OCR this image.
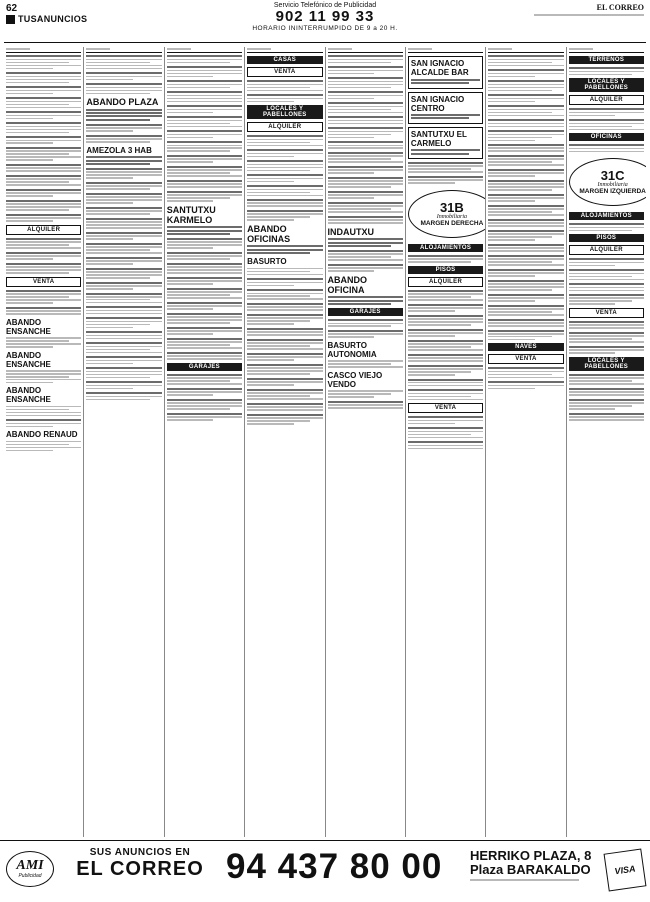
62
TUSANUNCIOS
Servicio Telefónico de Publicidad
902 11 99 33
HORARIO ININTERRUMPIDO DE 9 a 20 H.
EL CORREO
ALQUILER
VENTA
ABANDO ENSANCHE
ABANDO ENSANCHE
ABANDO ENSANCHE
ABANDO RENAUD
ABANDO PLAZA
AMEZOLA 3 HAB
SANTUTXU KARMELO
GARAJES
CASAS
VENTA
LOCALES Y PABELLONES
ALQUILER
ABANDO OFICINAS
BASURTO
INDAUTXU
ABANDO OFICINA
GARAJES
BASURTO AUTONOMIA
CASCO VIEJO VENDO
SAN IGNACIO ALCALDE BAR
SAN IGNACIO CENTRO
SANTUTXU EL CARMELO
31B
Inmobiliaria
MARGEN DERECHA
ALOJAMIENTOS
PISOS
ALQUILER
VENTA
NAVES
VENTA
TERRENOS
LOCALES Y PABELLONES
ALQUILER
OFICINAS
31C
Inmobiliaria
MARGEN IZQUIERDA
ALOJAMIENTOS
PISOS
ALQUILER
VENTA
LOCALES Y PABELLONES
AMI
Publicidad
SUS ANUNCIOS EN
EL CORREO 94 437 80 00 HERRIKO PLAZA, 8
Plaza BARAKALDO	VISA
